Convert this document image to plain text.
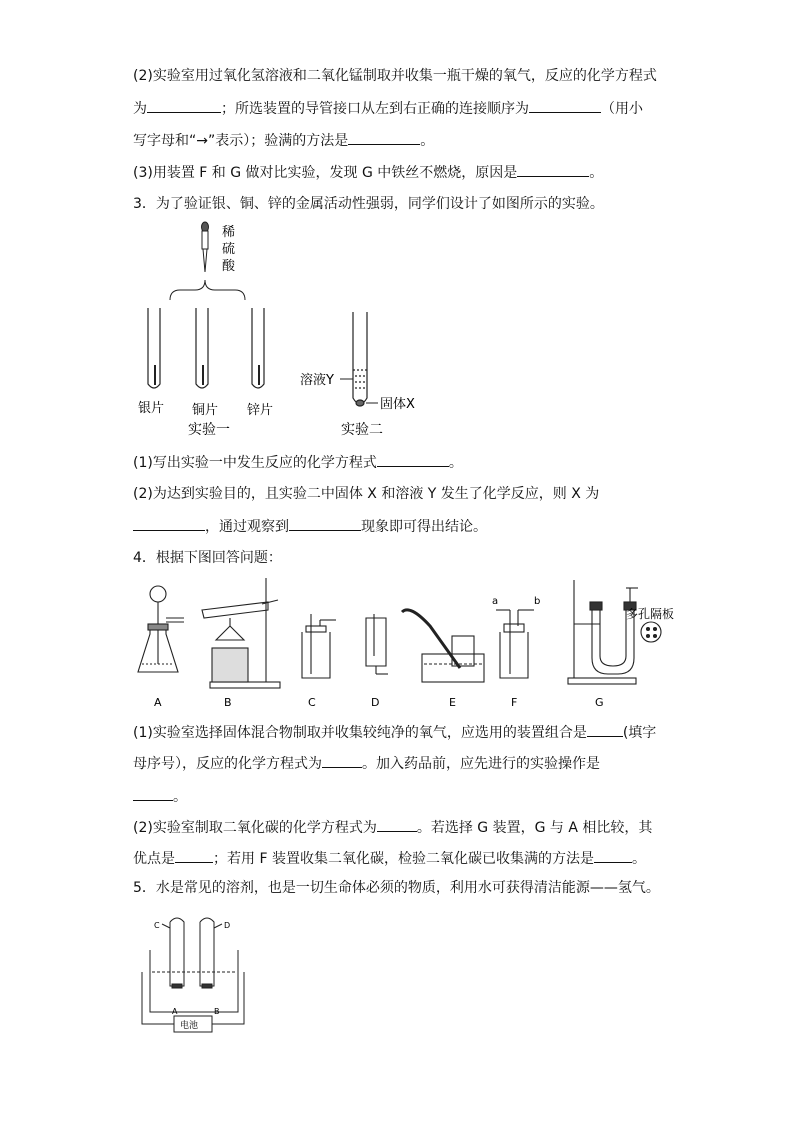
(2)实验室用过氧化氢溶液和二氧化锰制取并收集一瓶干燥的氧气，反应的化学方程式
为	；所选装置的导管接口从左到右正确的连接顺序为	（用小
写字母和“→”表示）；验满的方法是	。
(3)用装置 F 和 G 做对比实验，发现 G 中铁丝不燃烧，原因是	。
3．为了验证银、铜、锌的金属活动性强弱，同学们设计了如图所示的实验。
稀
硫
酸
银片 铜片 锌片
实验一
溶液Y
固体X
实验二
(1)写出实验一中发生反应的化学方程式	。
(2)为达到实验目的，且实验二中固体 X 和溶液 Y 发生了化学反应，则 X 为
，通过观察到	现象即可得出结论。
4．根据下图回答问题：
a	b
多孔隔板
A	B	C	D	E	F	G
(1)实验室选择固体混合物制取并收集较纯净的氧气，应选用的装置组合是	(填字
母序号），反应的化学方程式为	。加入药品前，应先进行的实验操作是
。
(2)实验室制取二氧化碳的化学方程式为	。若选择 G 装置，G 与 A 相比较，其
优点是	；若用 F 装置收集二氧化碳，检验二氧化碳已收集满的方法是	。
5．水是常见的溶剂，也是一切生命体必须的物质，利用水可获得清洁能源——氢气。
C	D
A	B
电池
